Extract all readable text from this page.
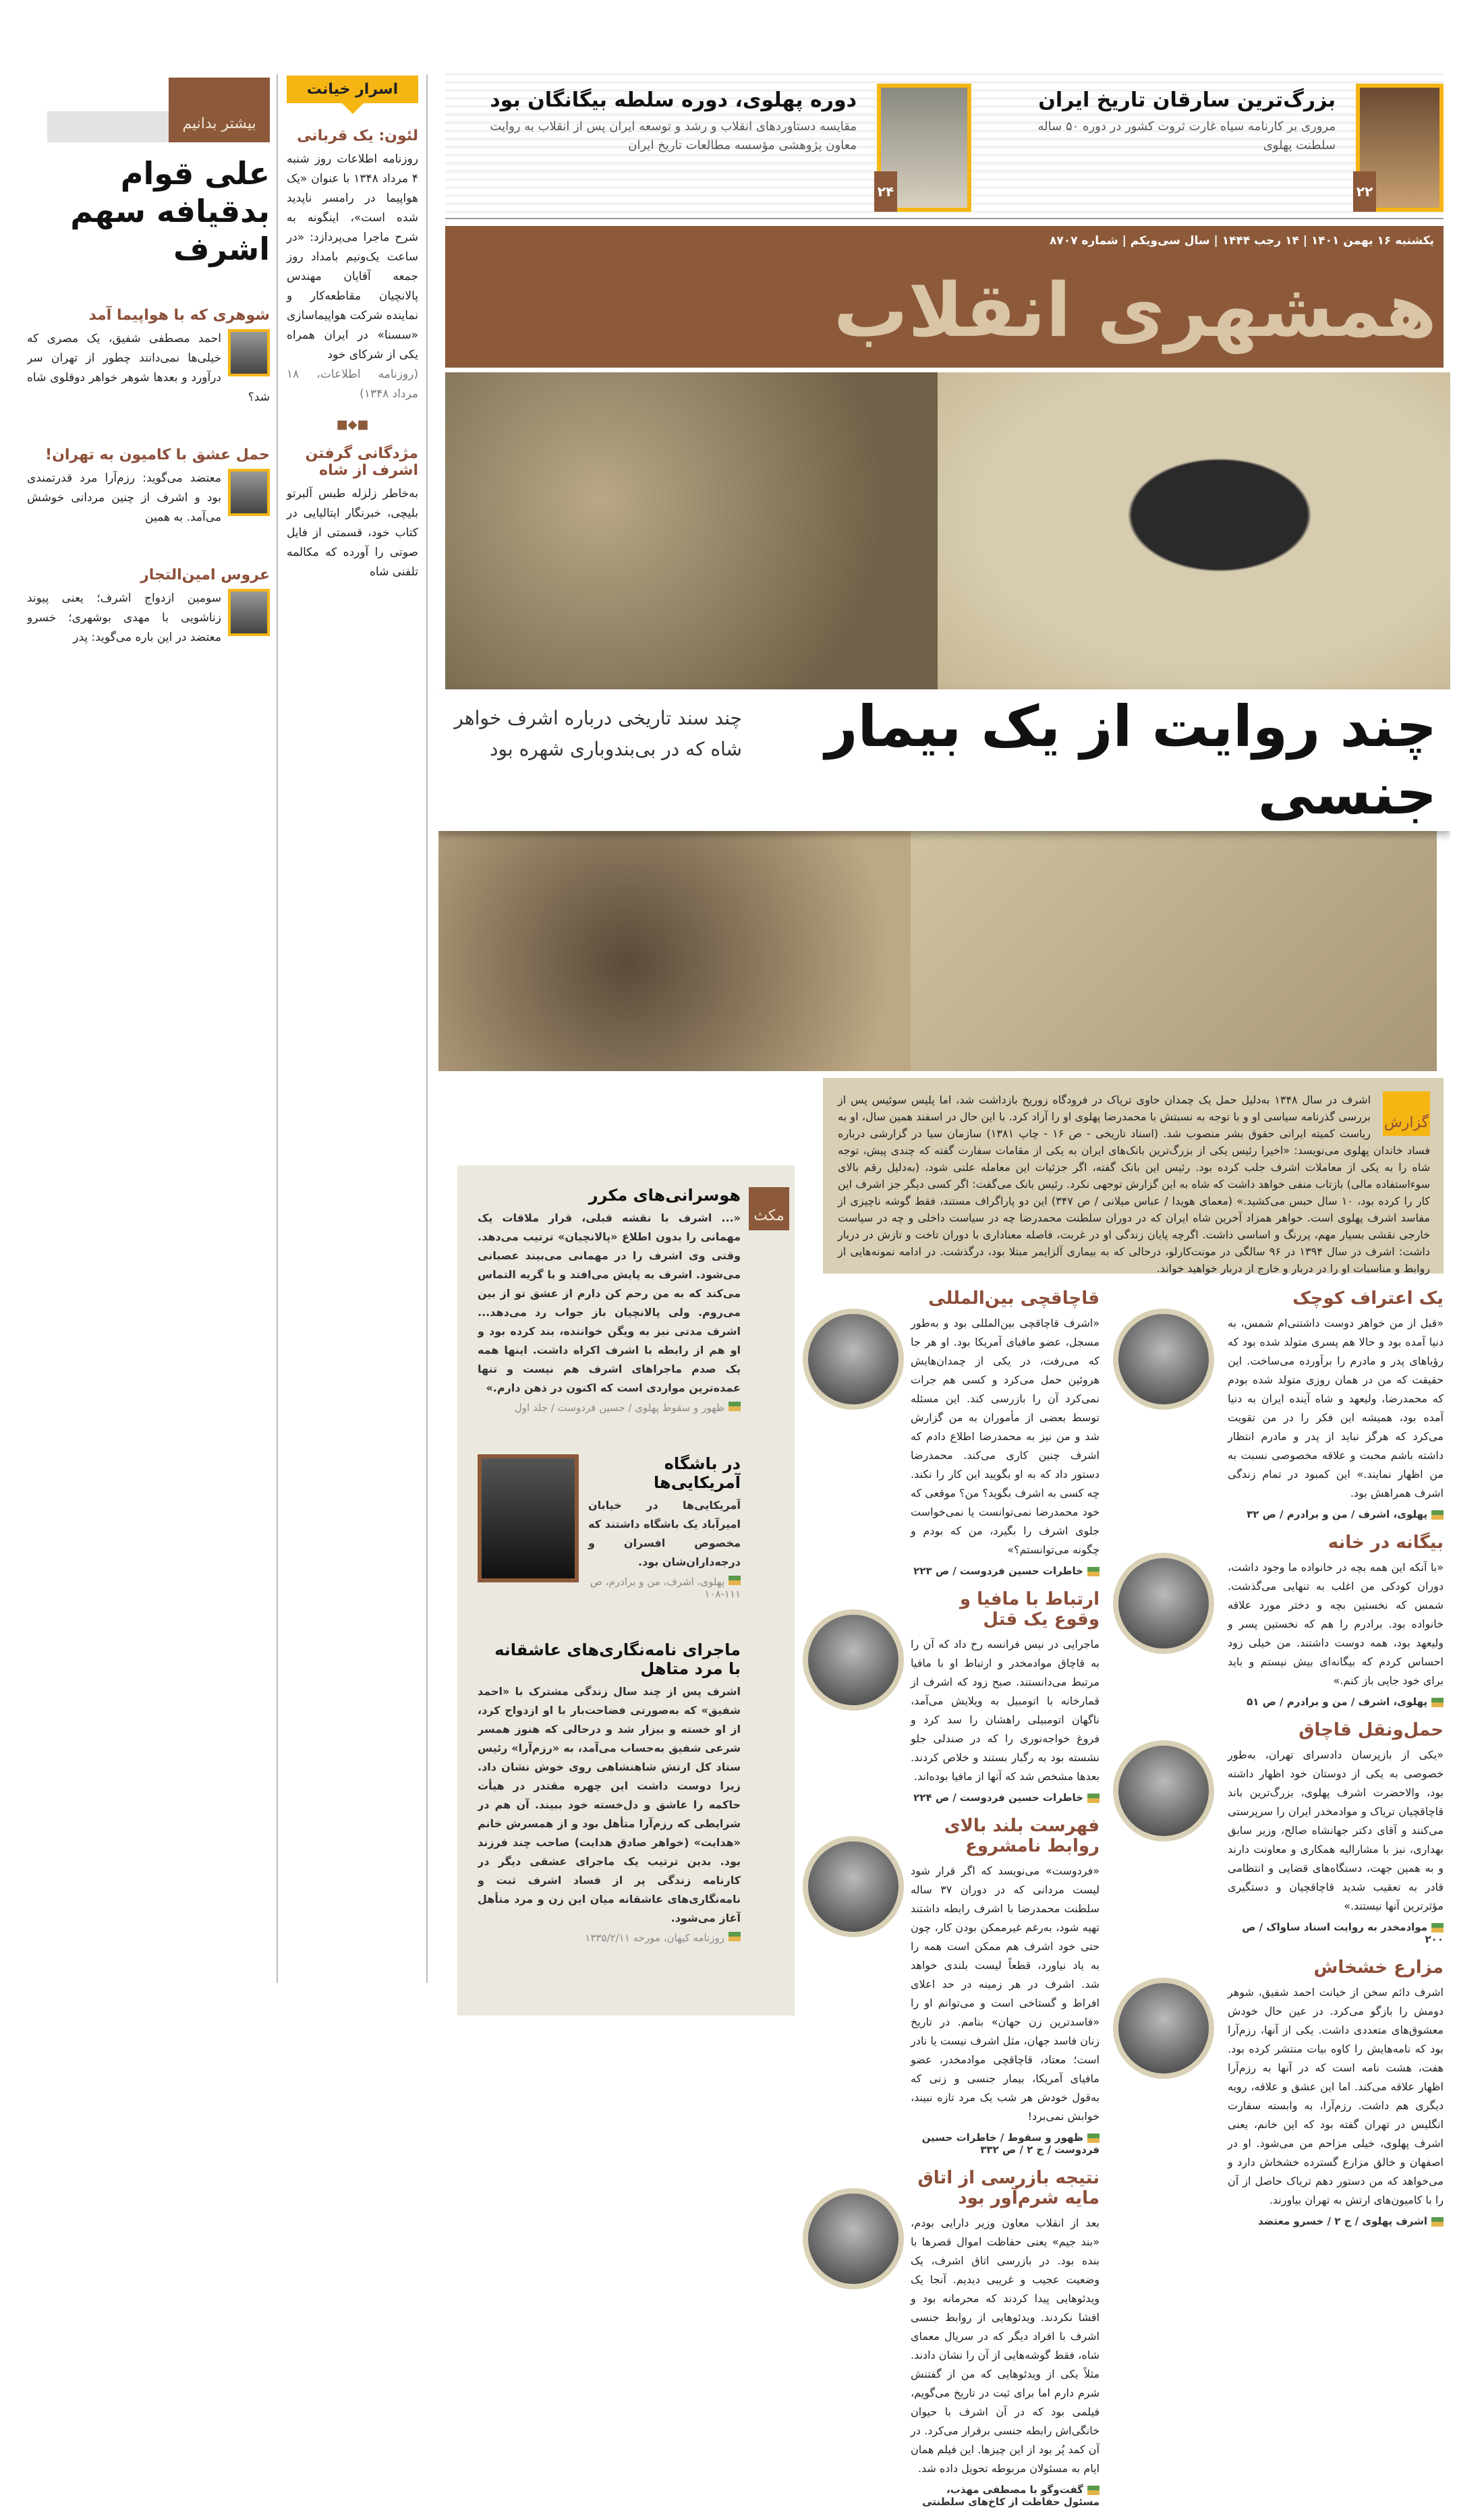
بیشتر بدانیم
علی قوام بدقیافه سهم اشرف
شوهری که با هواپیما آمد
احمد مصطفی شفیق، یک مصری که خیلی‌ها نمی‌دانند چطور از تهران سر درآورد و بعدها شوهر خواهر دوقلوی شاه شد؟
حمل عشق با کامیون به تهران!
معتضد می‌گوید: رزم‌آرا مرد قدرتمندی بود و اشرف از چنین مردانی خوشش می‌آمد. به همین
عروس امین‌التجار
سومین ازدواج اشرف؛ یعنی پیوند زناشویی با مهدی بوشهری؛ خسرو معتضد در این باره می‌گوید: پدر
اسرار خیانت
لئون: یک قربانی
روزنامه اطلاعات روز شنبه ۴ مرداد ۱۳۴۸ با عنوان «یک هواپیما در رامسر ناپدید شده است»، اینگونه به شرح ماجرا می‌پردازد: «در ساعت یک‌ونیم بامداد روز جمعه آقایان مهندس پالانچیان مقاطعه‌کار و نماینده شرکت هواپیماسازی «سسنا» در ایران همراه یکی از شرکای خود
(روزنامه اطلاعات، ۱۸ مرداد ۱۳۴۸)
■◆■
مژدگانی گرفتن اشرف از شاه
به‌خاطر زلزله طبس آلبرتو بلیچی، خبرنگار ایتالیایی در کتاب خود، قسمتی از فایل صوتی را آورده که مکالمه تلفنی شاه
۲۲
بزرگ‌ترین سارقان تاریخ ایران
مروری بر کارنامه سیاه غارت ثروت کشور در دوره ۵۰ ساله سلطنت پهلوی
۲۴
دوره پهلوی، دوره سلطه بیگانگان بود
مقایسه دستاوردهای انقلاب و رشد و توسعه ایران پس از انقلاب به روایت معاون پژوهشی مؤسسه مطالعات تاریخ ایران
یکشنبه ۱۶ بهمن ۱۴۰۱ | ۱۴ رجب ۱۴۴۴ | سال سی‌ویکم | شماره ۸۷۰۷
همشهری انقلاب
چند روایت از یک بیمار جنسی
چند سند تاریخی درباره اشرف خواهر شاه که در بی‌بندوباری شهره بود
گزارش
اشرف در سال ۱۳۴۸ به‌دلیل حمل یک چمدان حاوی تریاک در فرودگاه زوریخ بازداشت شد، اما پلیس سوئیس پس از بررسی گذرنامه سیاسی او و با توجه به نسبتش با محمدرضا پهلوی او را آزاد کرد. با این حال در اسفند همین سال، او به ریاست کمیته ایرانی حقوق بشر منصوب شد. (اسناد تاریخی - ص ۱۶ - چاپ ۱۳۸۱) سازمان سیا در گزارشی درباره فساد خاندان پهلوی می‌نویسد: «اخیرا رئیس یکی از بزرگ‌ترین بانک‌های ایران به یکی از مقامات سفارت گفته که چندی پیش، توجه شاه را به یکی از معاملات اشرف جلب کرده بود. رئیس این بانک گفته، اگر جزئیات این معامله علنی شود، (به‌دلیل رقم بالای سوءاستفاده مالی) بازتاب منفی خواهد داشت که شاه به این گزارش توجهی نکرد. رئیس بانک می‌گفت: اگر کسی دیگر جز اشرف این کار را کرده بود، ۱۰ سال حبس می‌کشید.» (معمای هویدا / عباس میلانی / ص ۳۴۷) این دو پاراگراف مستند، فقط گوشه ناچیزی از مفاسد اشرف پهلوی است. خواهر همزاد آخرین شاه ایران که در دوران سلطنت محمدرضا چه در سیاست داخلی و چه در سیاست خارجی نقشی بسیار مهم، پررنگ و اساسی داشت. اگرچه پایان زندگی او در غربت، فاصله معناداری با دوران تاخت و تازش در دربار داشت: اشرف در سال ۱۳۹۴ در ۹۶ سالگی در مونت‌کارلو، درحالی که به بیماری آلزایمر مبتلا بود، درگذشت. در ادامه نمونه‌هایی از روابط و مناسبات او را در دربار و خارج از دربار خواهید خواند.
مکث
هوسرانی‌های مکرر
«... اشرف با نقشه قبلی، قرار ملاقات یک مهمانی را بدون اطلاع «پالانچیان» ترتیب می‌دهد. وقتی وی اشرف را در مهمانی می‌بیند عصبانی می‌شود. اشرف به پایش می‌افتد و با گریه التماس می‌کند که به من رحم کن دارم از عشق تو از بین می‌روم. ولی پالانچیان باز جواب رد می‌دهد... اشرف مدتی نیز به ویگن خواننده، بند کرده بود و او هم از رابطه با اشرف اکراه داشت. اینها همه یک صدم ماجراهای اشرف هم نیست و تنها عمده‌ترین مواردی است که اکنون در ذهن دارم.»
ظهور و سقوط پهلوی / حسین فردوست / جلد اول
در باشگاه آمریکایی‌ها
آمریکایی‌ها در خیابان امیرآباد یک باشگاه داشتند که مخصوص افسران و درجه‌داران‌شان بود.
پهلوی، اشرف، من و برادرم، ص ۱۱۱-۱۰۸
ماجرای نامه‌نگاری‌های عاشقانه با مرد متاهل
اشرف پس از چند سال زندگی مشترک با «احمد شفیق» که به‌صورتی فضاحت‌بار با او ازدواج کرد، از او خسته و بیزار شد و درحالی که هنوز همسر شرعی شفیق به‌حساب می‌آمد، به «رزم‌آرا» رئیس ستاد کل ارتش شاهنشاهی روی خوش نشان داد. زیرا دوست داشت این چهره مقتدر در هیأت حاکمه را عاشق و دل‌خسته خود ببیند. آن هم در شرایطی که رزم‌آرا متأهل بود و از همسرش خانم «هدایت» (خواهر صادق هدایت) صاحب چند فرزند بود. بدین ترتیب یک ماجرای عشقی دیگر در کارنامه زندگی پر از فساد اشرف ثبت و نامه‌نگاری‌های عاشقانه میان این زن و مرد متأهل آغاز می‌شود.
روزنامه کیهان، مورخه ۱۳۳۵/۲/۱۱
یک اعتراف کوچک
«قبل از من خواهر دوست داشتنی‌ام شمس، به دنیا آمده بود و حالا هم پسری متولد شده بود که رؤیاهای پدر و مادرم را برآورده می‌ساخت. این حقیقت که من در همان روزی متولد شده بودم که محمدرضا، ولیعهد و شاه آینده ایران به دنیا آمده بود، همیشه این فکر را در من تقویت می‌کرد که هرگز نباید از پدر و مادرم انتظار داشته باشم محبت و علاقه مخصوصی نسبت به من اظهار نمایند.» این کمبود در تمام زندگی اشرف همراهش بود.
پهلوی، اشرف / من و برادرم / ص ۳۲
بیگانه در خانه
«با آنکه این همه بچه در خانواده ما وجود داشت، دوران کودکی من اغلب به تنهایی می‌گذشت. شمس که نخستین بچه و دختر مورد علاقه خانواده بود. برادرم را هم که نخستین پسر و ولیعهد بود، همه دوست داشتند. من خیلی زود احساس کردم که بیگانه‌ای بیش نیستم و باید برای خود جایی باز کنم.»
پهلوی، اشرف / من و برادرم / ص ۵۱
حمل‌ونقل قاچاق
«یکی از بازپرسان دادسرای تهران، به‌طور خصوصی به یکی از دوستان خود اظهار داشته بود، والاحضرت اشرف پهلوی، بزرگ‌ترین باند قاچاقچیان تریاک و موادمخدر ایران را سرپرستی می‌کنند و آقای دکتر جهانشاه صالح، وزیر سابق بهداری، نیز با مشارالیه همکاری و معاونت دارند و به همین جهت، دستگاه‌های قضایی و انتظامی قادر به تعقیب شدید قاچاقچیان و دستگیری مؤثرترین آنها نیستند.»
موادمخدر به روایت اسناد ساواک / ص ۲۰۰
مزارع خشخاش
اشرف دائم سخن از خیانت احمد شفیق، شوهر دومش را بازگو می‌کرد. در عین حال خودش معشوق‌های متعددی داشت. یکی از آنها، رزم‌آرا بود که نامه‌هایش را کاوه بیات منتشر کرده بود. هفت، هشت نامه است که در آنها به رزم‌آرا اظهار علاقه می‌کند. اما این عشق و علاقه، رویه دیگری هم داشت. رزم‌آرا، به وابسته سفارت انگلیس در تهران گفته بود که این خانم، یعنی اشرف پهلوی، خیلی مزاحم من می‌شود. او در اصفهان و خالق مزارع گسترده خشخاش دارد و می‌خواهد که من دستور دهم تریاک حاصل از آن را با کامیون‌های ارتش به تهران بیاورند.
اشرف پهلوی / ج ۲ / خسرو معتضد
قاچاقچی بین‌المللی
«اشرف قاچاقچی بین‌المللی بود و به‌طور مسجل، عضو مافیای آمریکا بود. او هر جا که می‌رفت، در یکی از چمدان‌هایش هروئین حمل می‌کرد و کسی هم جرات نمی‌کرد آن را بازرسی کند. این مسئله توسط بعضی از مأموران به من گزارش شد و من نیز به محمدرضا اطلاع دادم که اشرف چنین کاری می‌کند. محمدرضا دستور داد که به او بگویید این کار را نکند. چه کسی به اشرف بگوید؟ من؟ موقعی که خود محمدرضا نمی‌توانست یا نمی‌خواست جلوی اشرف را بگیرد، من که بودم و چگونه می‌توانستم؟»
خاطرات حسین فردوست / ص ۲۲۳
ارتباط با مافیا و وقوع یک قتل
ماجرایی در نیس فرانسه رخ داد که آن را به قاچاق موادمخدر و ارتباط او با مافیا مرتبط می‌دانستند. صبح زود که اشرف از قمارخانه با اتومبیل به ویلایش می‌آمد، ناگهان اتومبیلی راهشان را سد کرد و فروغ خواجه‌نوری را که در صندلی جلو نشسته بود به رگبار بستند و خلاص کردند. بعدها مشخص شد که آنها از مافیا بوده‌اند.
خاطرات حسین فردوست / ص ۲۲۴
فهرست بلند بالای روابط نامشروع
«فردوست» می‌نویسد که اگر قرار شود لیست مردانی که در دوران ۳۷ ساله سلطنت محمدرضا با اشرف رابطه داشتند تهیه شود، به‌رغم غیرممکن بودن کار، چون حتی خود اشرف هم ممکن است همه را به یاد نیاورد، قطعاً لیست بلندی خواهد شد. اشرف در هر زمینه در حد اعلای افراط و گستاخی است و می‌توانم او را «فاسدترین زن جهان» بنامم. در تاریخ زنان فاسد جهان، مثل اشرف نیست یا نادر است؛ معتاد، قاچاقچی موادمخدر، عضو مافیای آمریکا، بیمار جنسی و زنی که به‌قول خودش هر شب یک مرد تازه نبیند، خوابش نمی‌برد!
ظهور و سقوط / خاطرات حسین فردوست / ج ۲ / ص ۳۳۲
نتیجه بازرسی از اتاق مایه شرم‌آور بود
بعد از انقلاب معاون وزیر دارایی بودم، «بند جیم» یعنی حفاظت اموال قصرها با بنده بود. در بازرسی اتاق اشرف، یک وضعیت عجیب و غریبی دیدیم. آنجا یک ویدئوهایی پیدا کردند که محرمانه بود و افشا نکردند. ویدئوهایی از روابط جنسی اشرف با افراد دیگر که در سریال معمای شاه، فقط گوشه‌هایی از آن را نشان دادند. مثلاً یکی از ویدئوهایی که من از گفتنش شرم دارم اما برای ثبت در تاریخ می‌گویم، فیلمی بود که در آن اشرف با حیوان خانگی‌اش رابطه جنسی برقرار می‌کرد. در آن کمد پُر بود از این چیزها. این فیلم همان ایام به مسئولان مربوطه تحویل داده شد.
گفت‌وگو با مصطفی مهذب، مسئول حفاظت از کاخ‌های سلطنتی
